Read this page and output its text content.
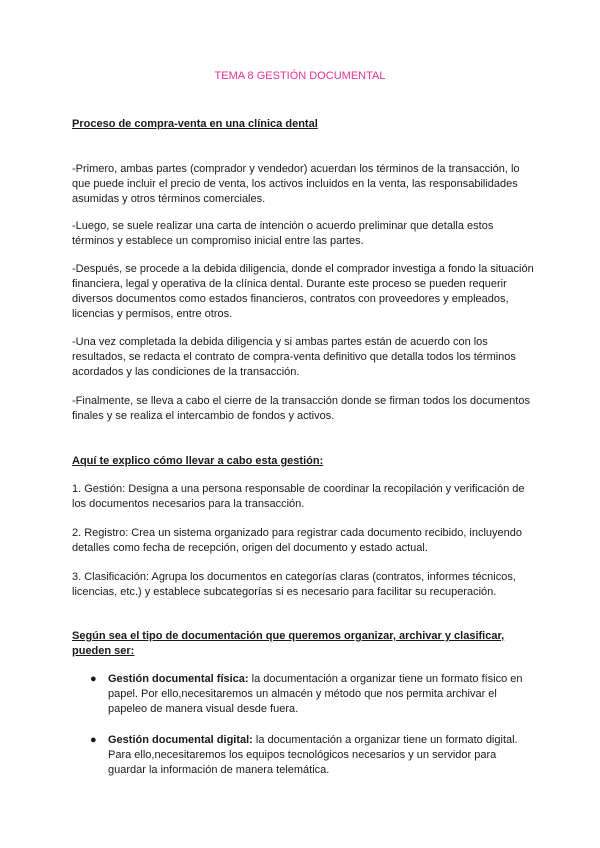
TEMA 8 GESTIÓN DOCUMENTAL

Proceso de compra-venta en una clínica dental

-Primero, ambas partes (comprador y vendedor) acuerdan los términos de la transacción, lo que puede incluir el precio de venta, los activos incluidos en la venta, las responsabilidades asumidas y otros términos comerciales.

-Luego, se suele realizar una carta de intención o acuerdo preliminar que detalla estos términos y establece un compromiso inicial entre las partes.

-Después, se procede a la debida diligencia, donde el comprador investiga a fondo la situación financiera, legal y operativa de la clínica dental. Durante este proceso se pueden requerir diversos documentos como estados financieros, contratos con proveedores y empleados, licencias y permisos, entre otros.

-Una vez completada la debida diligencia y si ambas partes están de acuerdo con los resultados, se redacta el contrato de compra-venta definitivo que detalla todos los términos acordados y las condiciones de la transacción.

-Finalmente, se lleva a cabo el cierre de la transacción donde se firman todos los documentos finales y se realiza el intercambio de fondos y activos.

Aquí te explico cómo llevar a cabo esta gestión:

1. Gestión: Designa a una persona responsable de coordinar la recopilación y verificación de los documentos necesarios para la transacción.

2. Registro: Crea un sistema organizado para registrar cada documento recibido, incluyendo detalles como fecha de recepción, origen del documento y estado actual.

3. Clasificación: Agrupa los documentos en categorías claras (contratos, informes técnicos, licencias, etc.) y establece subcategorías si es necesario para facilitar su recuperación.

Según sea el tipo de documentación que queremos organizar, archivar y clasificar, pueden ser:

● Gestión documental física: la documentación a organizar tiene un formato físico en papel. Por ello,necesitaremos un almacén y método que nos permita archivar el papeleo de manera visual desde fuera.
● Gestión documental digital: la documentación a organizar tiene un formato digital. Para ello,necesitaremos los equipos tecnológicos necesarios y un servidor para guardar la información de manera telemática.
